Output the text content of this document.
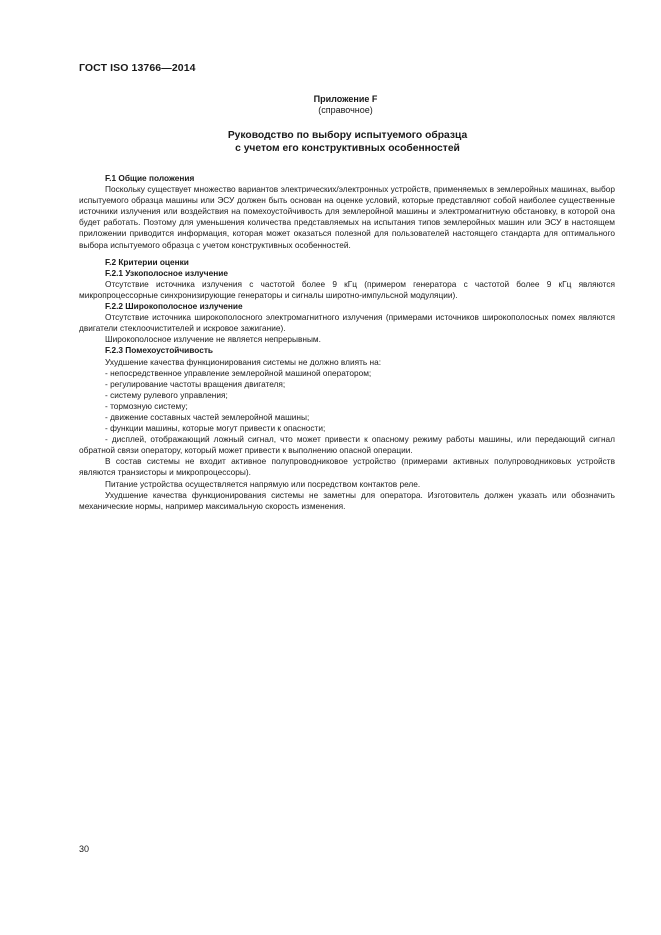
ГОСТ ISO 13766—2014
Приложение F
(справочное)
Руководство по выбору испытуемого образца
с учетом его конструктивных особенностей
F.1 Общие положения

Поскольку существует множество вариантов электрических/электронных устройств, применяемых в землеройных машинах, выбор испытуемого образца машины или ЭСУ должен быть основан на оценке условий, которые представляют собой наиболее существенные источники излучения или воздействия на помехоустойчивость для землеройной машины и электромагнитную обстановку, в которой она будет работать. Поэтому для уменьшения количества представляемых на испытания типов землеройных машин или ЭСУ в настоящем приложении приводится информация, которая может оказаться полезной для пользователей настоящего стандарта для оптимального выбора испытуемого образца с учетом конструктивных особенностей.

F.2 Критерии оценки
F.2.1 Узкополосное излучение

Отсутствие источника излучения с частотой более 9 кГц (примером генератора с частотой более 9 кГц являются микропроцессорные синхронизирующие генераторы и сигналы широтно-импульсной модуляции).

F.2.2 Широкополосное излучение

Отсутствие источника широкополосного электромагнитного излучения (примерами источников широкополосных помех являются двигатели стеклоочистителей и искровое зажигание).

Широкополосное излучение не является непрерывным.

F.2.3 Помехоустойчивость

Ухудшение качества функционирования системы не должно влиять на:

- непосредственное управление землеройной машиной оператором;
- регулирование частоты вращения двигателя;
- систему рулевого управления;
- тормозную систему;
- движение составных частей землеройной машины;
- функции машины, которые могут привести к опасности;
- дисплей, отображающий ложный сигнал, что может привести к опасному режиму работы машины, или передающий сигнал обратной связи оператору, который может привести к выполнению опасной операции.

В состав системы не входит активное полупроводниковое устройство (примерами активных полупроводниковых устройств являются транзисторы и микропроцессоры).

Питание устройства осуществляется напрямую или посредством контактов реле.

Ухудшение качества функционирования системы не заметны для оператора. Изготовитель должен указать или обозначить механические нормы, например максимальную скорость изменения.

30
